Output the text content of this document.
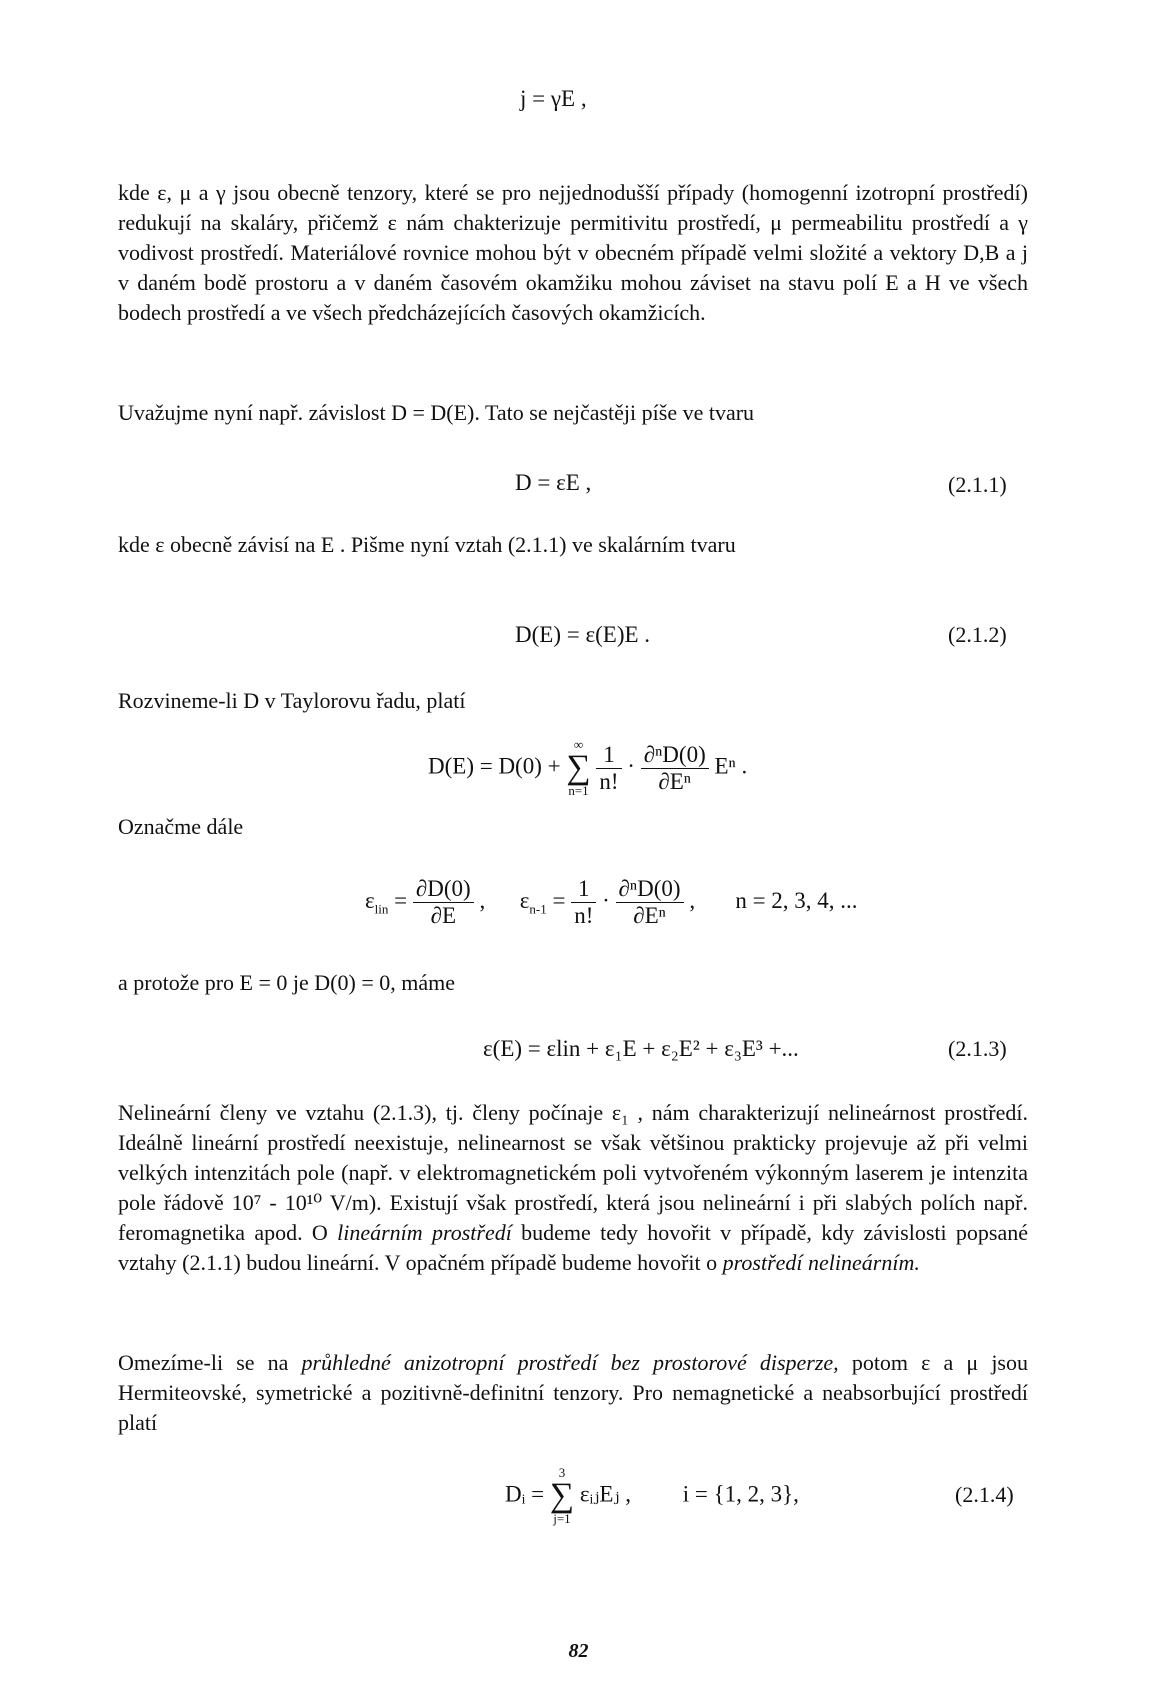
j = γE ,
kde ε, μ a γ jsou obecně tenzory, které se pro nejjednodušší případy (homogenní izotropní prostředí) redukují na skaláry, přičemž ε nám chakterizuje permitivitu prostředí, μ permeabilitu prostředí a γ vodivost prostředí. Materiálové rovnice mohou být v obecném případě velmi složité a vektory D,B a j v daném bodě prostoru a v daném časovém okamžiku mohou záviset na stavu polí E a H ve všech bodech prostředí a ve všech předcházejících časových okamžicích.
Uvažujme nyní např. závislost D = D(E). Tato se nejčastěji píše ve tvaru
D = εE ,	(2.1.1)
kde ε obecně závisí na E . Pišme nyní vztah (2.1.1) ve skalárním tvaru
D(E) = ε(E)E .	(2.1.2)
Rozvineme-li D v Taylorovu řadu, platí
D(E) = D(0) +
∞
∑
n=1
$\frac{1}{n!} \cdot \frac{\text{∂ⁿD(0)}}{\text{∂Eⁿ}}$ Eⁿ .
Označme dále
$\varepsilon_{lin} = \frac{\partial D(0)}{\partial E}$ ,      $\varepsilon_{n-1} = \frac{1}{n!} \cdot \frac{\text{∂ⁿD(0)}}{\text{∂Eⁿ}}$ ,       n = 2, 3, 4, ...
a protože pro E = 0 je D(0) = 0, máme
ε(E) = εlin + ε₁E + ε₂E² + ε₃E³ +...	(2.1.3)
Nelineární členy ve vztahu (2.1.3), tj. členy počínaje ε₁ , nám charakterizují nelineárnost prostředí. Ideálně lineární prostředí neexistuje, nelinearnost se však většinou prakticky projevuje až při velmi velkých intenzitách pole (např. v elektromagnetickém poli vytvořeném výkonným laserem je intenzita pole řádově 10⁷ - 10¹⁰ V/m). Existují však prostředí, která jsou nelineární i při slabých polích např. feromagnetika apod. O lineárním prostředí budeme tedy hovořit v případě, kdy závislosti popsané vztahy (2.1.1) budou lineární. V opačném případě budeme hovořit o prostředí nelineárním.
Omezíme-li se na průhledné anizotropní prostředí bez prostorové disperze, potom ε a μ jsou Hermiteovské, symetrické a pozitivně-definitní tenzory. Pro nemagnetické a neabsorbující prostředí platí
Dᵢ =
3
∑
j=1
εᵢⱼEⱼ , i = {1, 2, 3},	(2.1.4)
82
